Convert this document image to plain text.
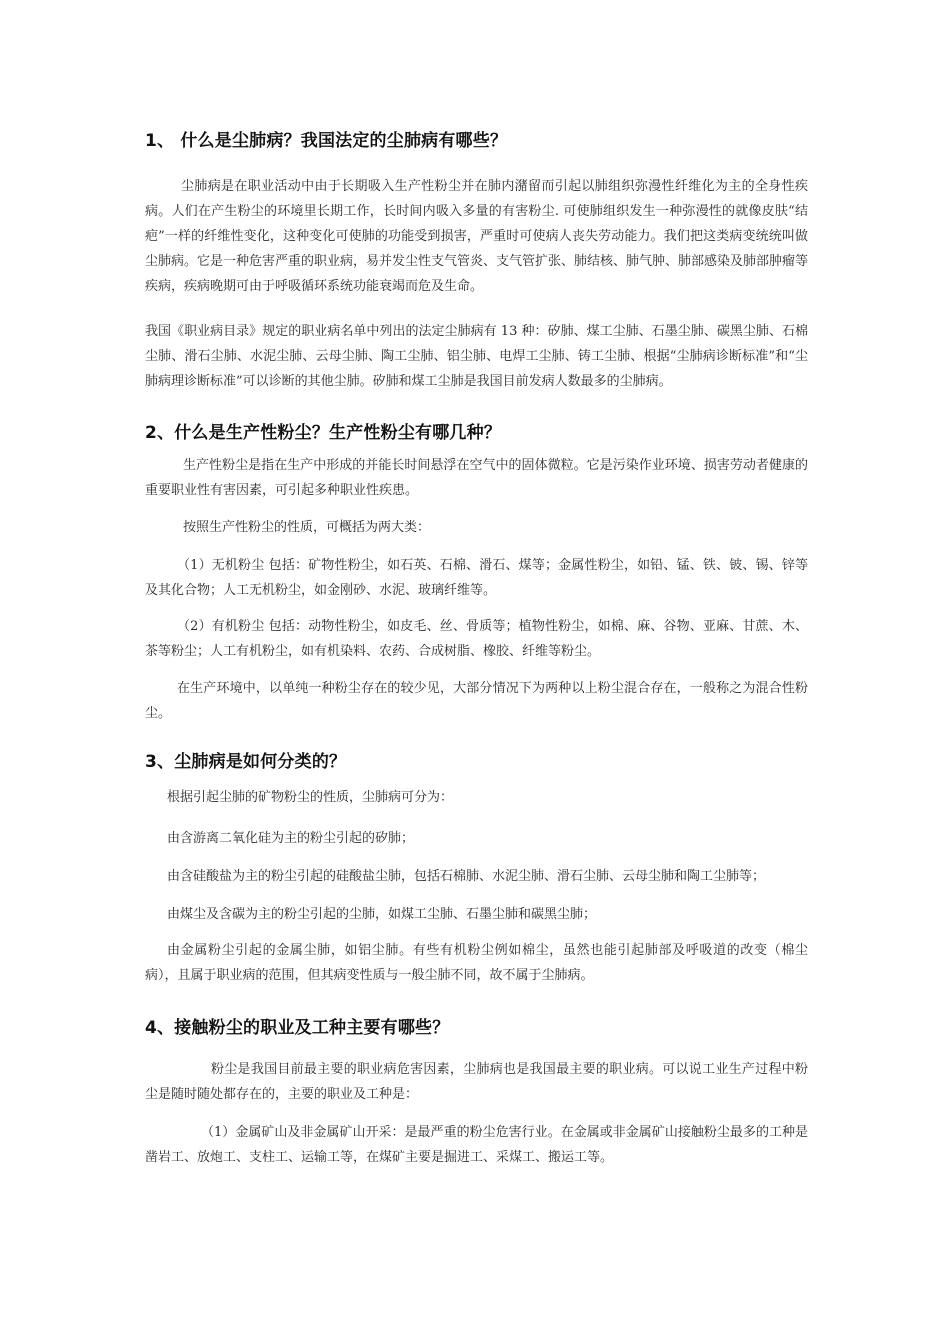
1、 什么是尘肺病？我国法定的尘肺病有哪些？

尘肺病是在职业活动中由于长期吸入生产性粉尘并在肺内潴留而引起以肺组织弥漫性纤维化为主的全身性疾病。人们在产生粉尘的环境里长期工作，长时间内吸入多量的有害粉尘. 可使肺组织发生一种弥漫性的就像皮肤“结疤”一样的纤维性变化，这种变化可使肺的功能受到损害，严重时可使病人丧失劳动能力。我们把这类病变统统叫做尘肺病。它是一种危害严重的职业病，易并发尘性支气管炎、支气管扩张、肺结核、肺气肿、肺部感染及肺部肿瘤等疾病，疾病晚期可由于呼吸循环系统功能衰竭而危及生命。

我国《职业病目录》规定的职业病名单中列出的法定尘肺病有 13 种：矽肺、煤工尘肺、石墨尘肺、碳黑尘肺、石棉尘肺、滑石尘肺、水泥尘肺、云母尘肺、陶工尘肺、铝尘肺、电焊工尘肺、铸工尘肺、根据“尘肺病诊断标准”和“尘肺病理诊断标准”可以诊断的其他尘肺。矽肺和煤工尘肺是我国目前发病人数最多的尘肺病。

2、什么是生产性粉尘？生产性粉尘有哪几种？

生产性粉尘是指在生产中形成的并能长时间悬浮在空气中的固体微粒。它是污染作业环境、损害劳动者健康的重要职业性有害因素，可引起多种职业性疾患。

按照生产性粉尘的性质，可概括为两大类：

（1）无机粉尘 包括：矿物性粉尘，如石英、石棉、滑石、煤等；金属性粉尘，如铅、锰、铁、铍、锡、锌等及其化合物；人工无机粉尘，如金刚砂、水泥、玻璃纤维等。

（2）有机粉尘 包括：动物性粉尘，如皮毛、丝、骨质等；植物性粉尘，如棉、麻、谷物、亚麻、甘蔗、木、茶等粉尘；人工有机粉尘，如有机染料、农药、合成树脂、橡胶、纤维等粉尘。

在生产环境中，以单纯一种粉尘存在的较少见，大部分情况下为两种以上粉尘混合存在，一般称之为混合性粉尘。

3、尘肺病是如何分类的？

根据引起尘肺的矿物粉尘的性质，尘肺病可分为：

由含游离二氧化硅为主的粉尘引起的矽肺；

由含硅酸盐为主的粉尘引起的硅酸盐尘肺，包括石棉肺、水泥尘肺、滑石尘肺、云母尘肺和陶工尘肺等；

由煤尘及含碳为主的粉尘引起的尘肺，如煤工尘肺、石墨尘肺和碳黑尘肺；

由金属粉尘引起的金属尘肺，如铝尘肺。有些有机粉尘例如棉尘，虽然也能引起肺部及呼吸道的改变（棉尘病），且属于职业病的范围，但其病变性质与一般尘肺不同，故不属于尘肺病。

4、接触粉尘的职业及工种主要有哪些？

粉尘是我国目前最主要的职业病危害因素，尘肺病也是我国最主要的职业病。可以说工业生产过程中粉尘是随时随处都存在的，主要的职业及工种是：

（1）金属矿山及非金属矿山开采：是最严重的粉尘危害行业。在金属或非金属矿山接触粉尘最多的工种是凿岩工、放炮工、支柱工、运输工等，在煤矿主要是掘进工、采煤工、搬运工等。
